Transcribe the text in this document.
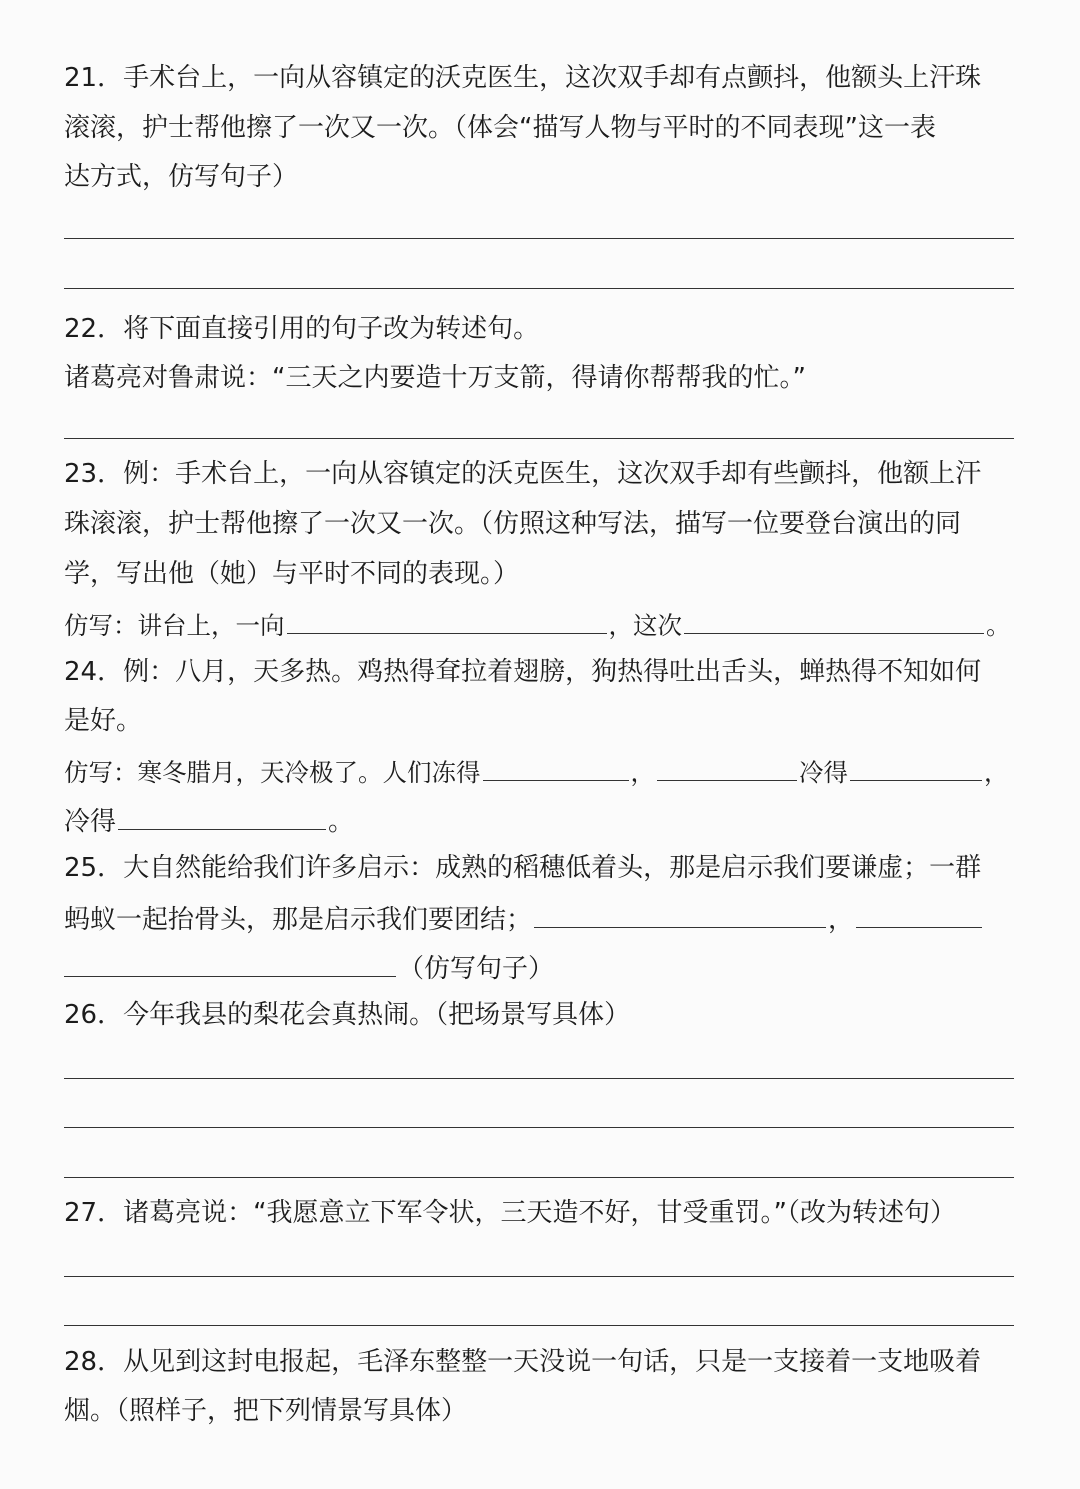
21．手术台上，一向从容镇定的沃克医生，这次双手却有点颤抖，他额头上汗珠
滚滚，护士帮他擦了一次又一次。（体会“描写人物与平时的不同表现”这一表
达方式，仿写句子）
22．将下面直接引用的句子改为转述句。
诸葛亮对鲁肃说：“三天之内要造十万支箭，得请你帮帮我的忙。”
23．例：手术台上，一向从容镇定的沃克医生，这次双手却有些颤抖，他额上汗
珠滚滚，护士帮他擦了一次又一次。（仿照这种写法，描写一位要登台演出的同
学，写出他（她）与平时不同的表现。）
仿写：讲台上，一向	，这次	。
24．例：八月，天多热。鸡热得耷拉着翅膀，狗热得吐出舌头，蝉热得不知如何
是好。
仿写：寒冬腊月，天冷极了。人们冻得	，	冷得	，
冷得	。
25．大自然能给我们许多启示：成熟的稻穗低着头，那是启示我们要谦虚；一群
蚂蚁一起抬骨头，那是启示我们要团结；	，
（仿写句子）
26．今年我县的梨花会真热闹。（把场景写具体）
27．诸葛亮说：“我愿意立下军令状，三天造不好，甘受重罚。”（改为转述句）
28．从见到这封电报起，毛泽东整整一天没说一句话，只是一支接着一支地吸着
烟。（照样子，把下列情景写具体）
